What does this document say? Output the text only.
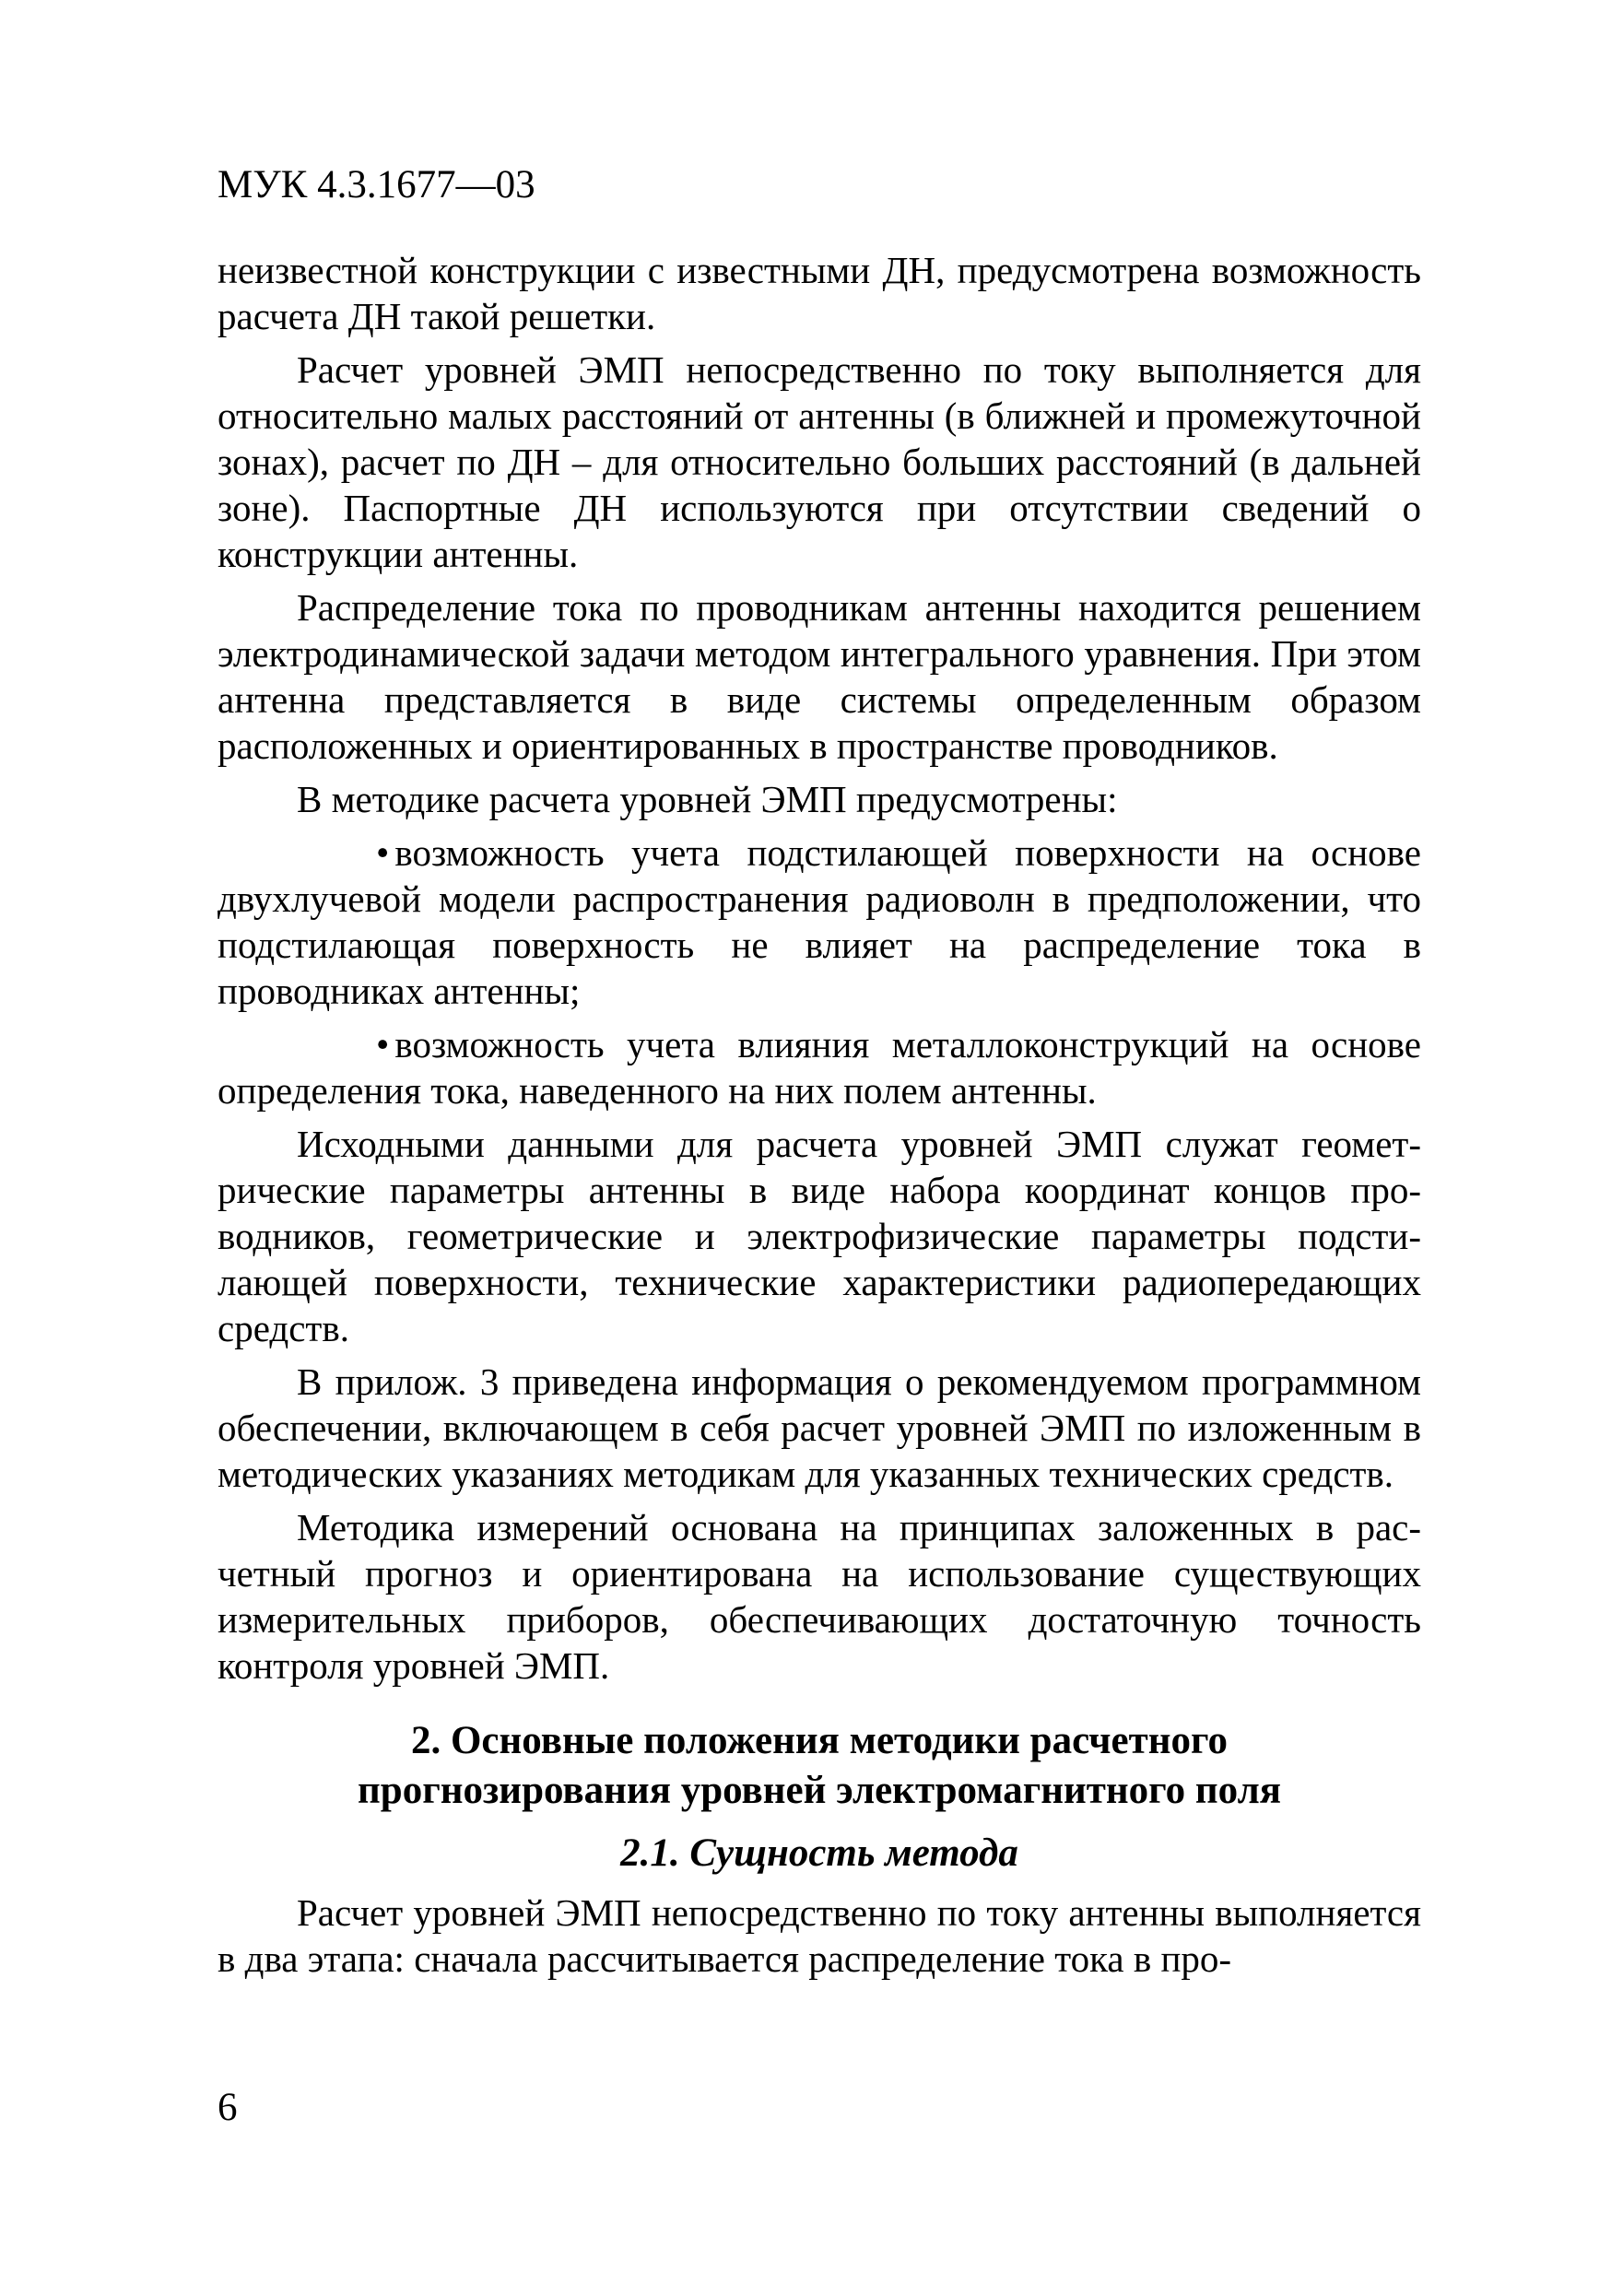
МУК 4.3.1677—03

неизвестной конструкции с известными ДН, предусмотрена возможность расчета ДН такой решетки.

Расчет уровней ЭМП непосредственно по току выполняется для относительно малых расстояний от антенны (в ближней и промежуточной зонах), расчет по ДН – для относительно больших расстояний (в дальней зоне). Паспортные ДН используются при отсутствии сведений о конструкции антенны.

Распределение тока по проводникам антенны находится решением электродинамической задачи методом интегрального уравнения. При этом антенна представляется в виде системы определенным образом расположенных и ориентированных в пространстве проводников.

В методике расчета уровней ЭМП предусмотрены:

• возможность учета подстилающей поверхности на основе двухлучевой модели распространения радиоволн в предположении, что подстилающая поверхность не влияет на распределение тока в проводниках антенны;

• возможность учета влияния металлоконструкций на основе определения тока, наведенного на них полем антенны.

Исходными данными для расчета уровней ЭМП служат геометрические параметры антенны в виде набора координат концов проводников, геометрические и электрофизические параметры подстилающей поверхности, технические характеристики радиопередающих средств.

В прилож. 3 приведена информация о рекомендуемом программном обеспечении, включающем в себя расчет уровней ЭМП по изложенным в методических указаниях методикам для указанных технических средств.

Методика измерений основана на принципах заложенных в расчетный прогноз и ориентирована на использование существующих измерительных приборов, обеспечивающих достаточную точность контроля уровней ЭМП.

2. Основные положения методики расчетного
прогнозирования уровней электромагнитного поля
2.1. Сущность метода

Расчет уровней ЭМП непосредственно по току антенны выполняется в два этапа: сначала рассчитывается распределение тока в про-

6
